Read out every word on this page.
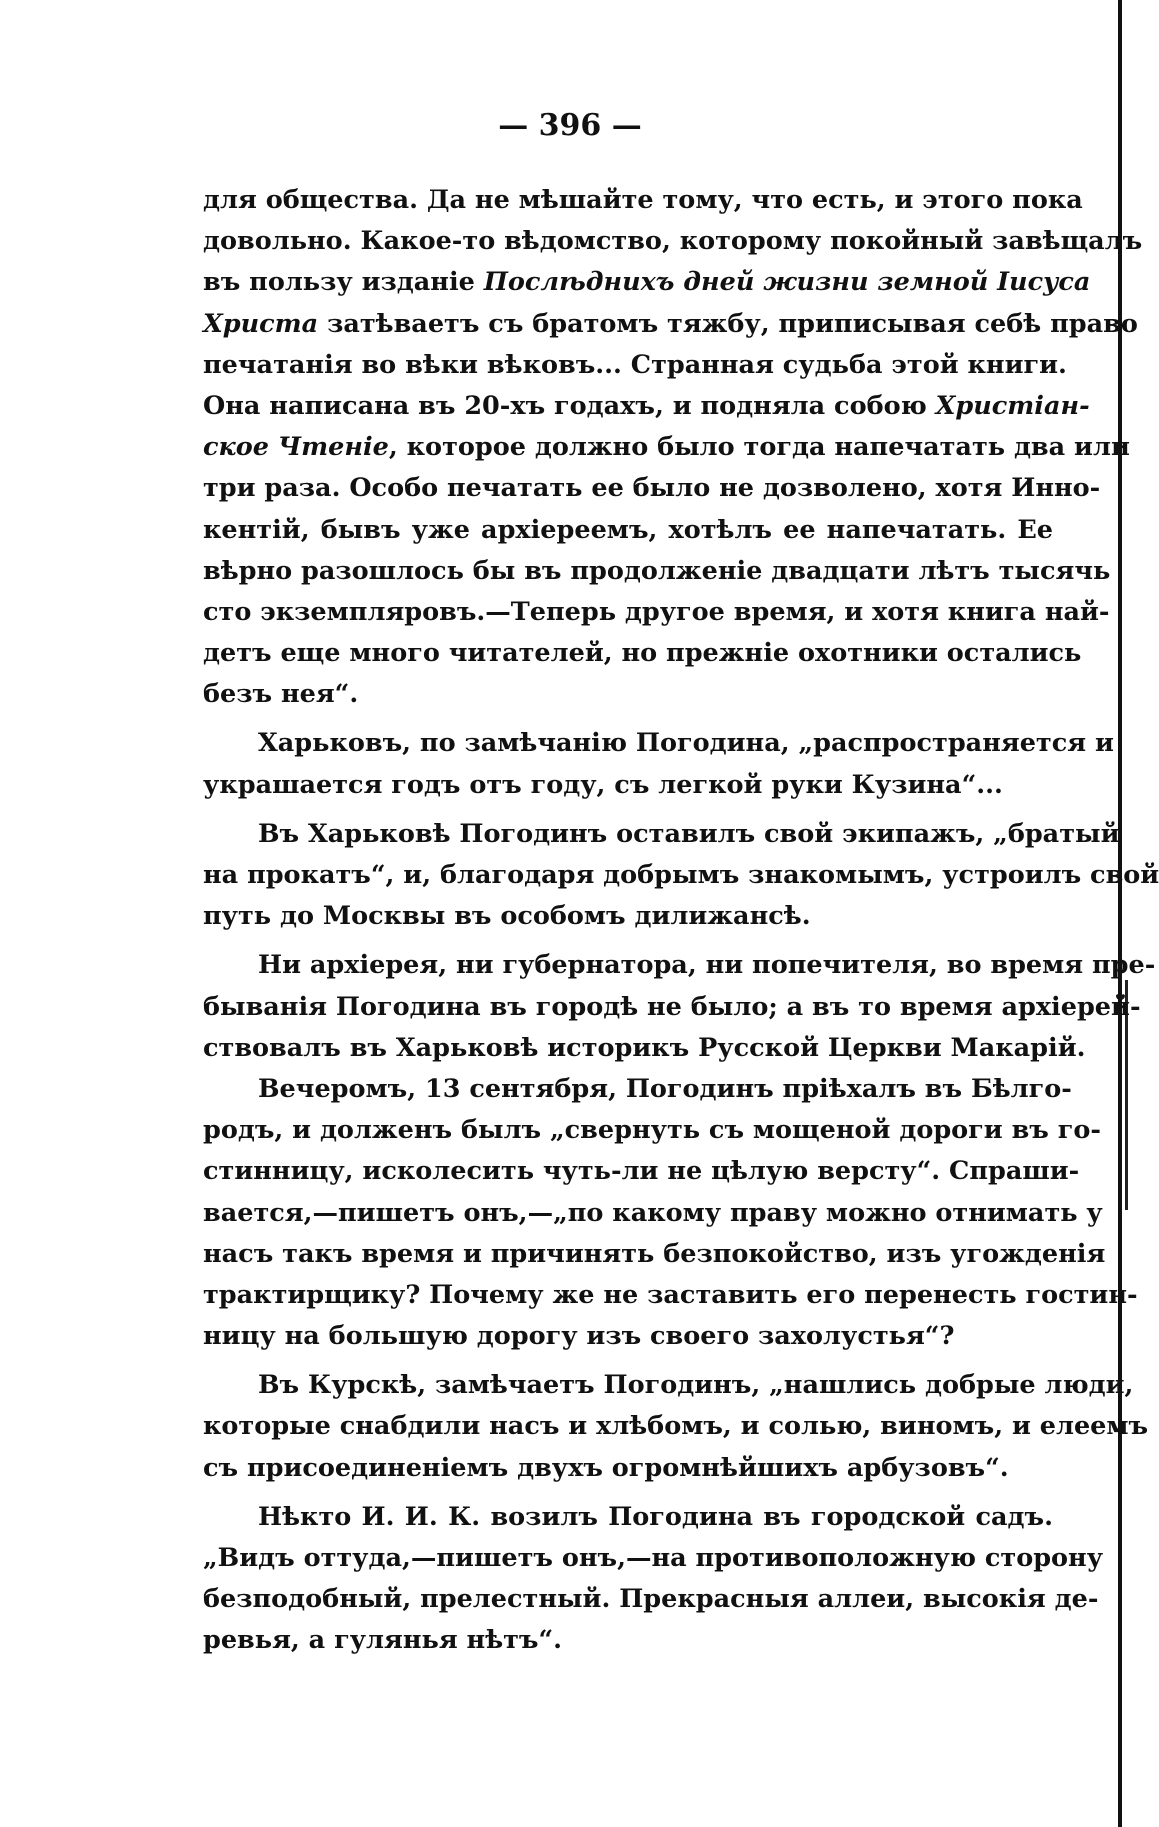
— 396 —
для общества. Да не мѣшайте тому, что есть, и этого пока
довольно. Какое-то вѣдомство, которому покойный завѣщалъ
въ пользу изданіе Послѣднихъ дней жизни земной Іисуса
Христа затѣваетъ съ братомъ тяжбу, приписывая себѣ право
печатанія во вѣки вѣковъ... Странная судьба этой книги.
Она написана въ 20-хъ годахъ, и подняла собою Христіан-
ское Чтеніе, которое должно было тогда напечатать два или
три раза. Особо печатать ее было не дозволено, хотя Инно-
кентій, бывъ уже архіереемъ, хотѣлъ ее напечатать. Ее
вѣрно разошлось бы въ продолженіе двадцати лѣтъ тысячь
сто экземпляровъ.—Теперь другое время, и хотя книга най-
детъ еще много читателей, но прежніе охотники остались
безъ нея“.
Харьковъ, по замѣчанію Погодина, „распространяется и
украшается годъ отъ году, съ легкой руки Кузина“...
Въ Харьковѣ Погодинъ оставилъ свой экипажъ, „братый
на прокатъ“, и, благодаря добрымъ знакомымъ, устроилъ свой
путь до Москвы въ особомъ дилижансѣ.
Ни архіерея, ни губернатора, ни попечителя, во время пре-
быванія Погодина въ городѣ не было; а въ то время архіерей-
ствовалъ въ Харьковѣ историкъ Русской Церкви Макарій.
Вечеромъ, 13 сентября, Погодинъ пріѣхалъ въ Бѣлго-
родъ, и долженъ былъ „свернуть съ мощеной дороги въ го-
стинницу, исколесить чуть-ли не цѣлую версту“. Спраши-
вается,—пишетъ онъ,—„по какому праву можно отнимать у
насъ такъ время и причинять безпокойство, изъ угожденія
трактирщику? Почему же не заставить его перенесть гостин-
ницу на большую дорогу изъ своего захолустья“?
Въ Курскѣ, замѣчаетъ Погодинъ, „нашлись добрые люди,
которые снабдили насъ и хлѣбомъ, и солью, виномъ, и елеемъ
съ присоединеніемъ двухъ огромнѣйшихъ арбузовъ“.
Нѣкто И. И. К. возилъ Погодина въ городской садъ.
„Видъ оттуда,—пишетъ онъ,—на противоположную сторону
безподобный, прелестный. Прекрасныя аллеи, высокія де-
ревья, а гулянья нѣтъ“.
